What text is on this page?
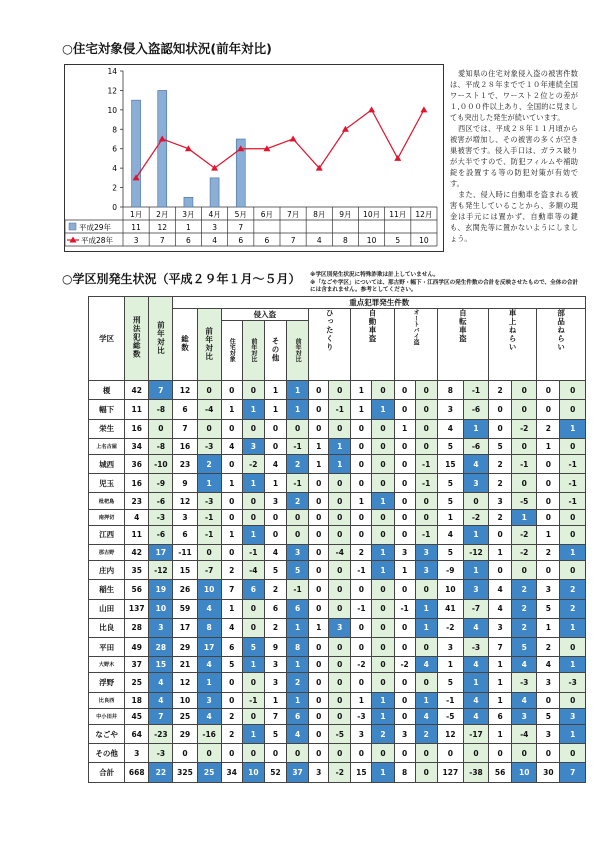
○住宅対象侵入盗認知状況(前年対比)
0
2
4
6
8
10
12
14
1月 2月 3月 4月 5月 6月 7月 8月 9月 10月 11月 12月
平成29年
平成28年
11 12	1	3	7
3	7	6	4	6	6	7	4	8	10	5	10

愛知県の住宅対象侵入盗の被害件数は、平成２８年までで１０年連続全国ワースト１で、ワースト２位との差が１,０００件以上あり、全国的に見ましても突出した発生が続いています。

西区では、平成２８年１１月頃から被害が増加し、その被害の多くが空き巣被害です。侵入手口は、ガラス破りが大半ですので、防犯フィルムや補助錠を設置する等の防犯対策が有効です。

また、侵入時に自動車を盗まれる被害も発生していることから、多額の現金は手元には置かず、自動車等の鍵も、玄関先等に置かないようにしましょう。

○学区別発生状況（平成２９年１月～５月） ※学区別発生状況に特殊詐欺は計上していません。
※「なごや学区」については、那古野・幅下・江西学区の発生件数の合計を反映させたもので、全体の合計には含まれません。参考としてください。
学区	刑法犯総数	前年対比	重点犯罪発生件数																	
			総数	前年対比	侵入盗				ひったくり		自動車盗		オートバイ盗		自転車盗		車上ねらい		部品ねらい	
					住宅対象	前年対比	その他	前年対比												
榎	42	7	12	0	0	0	1	1	0	0	1	0	0	0	8	-1	2	0	0	0
幅下	11	-8	6	-4	1	1	1	1	0	-1	1	1	0	0	3	-6	0	0	0	0
栄生	16	0	7	0	0	0	0	0	0	0	0	0	1	0	4	1	0	-2	2	1
上名古屋	34	-8	16	-3	4	3	0	-1	1	1	0	0	0	0	5	-6	5	0	1	0
城西	36	-10	23	2	0	-2	4	2	1	1	0	0	0	-1	15	4	2	-1	0	-1
児玉	16	-9	9	1	1	1	1	-1	0	0	0	0	0	-1	5	3	2	0	0	-1
枇杷島	23	-6	12	-3	0	0	3	2	0	0	1	1	0	0	5	0	3	-5	0	-1
南押切	4	-3	3	-1	0	0	0	0	0	0	0	0	0	0	1	-2	2	1	0	0
江西	11	-6	6	-1	1	1	0	0	0	0	0	0	0	-1	4	1	0	-2	1	0
那古野	42	17	-11	0	0	-1	4	3	0	-4	2	1	3	3	5	-12	1	-2	2	1
庄内	35	-12	15	-7	2	-4	5	5	0	0	-1	1	1	3	-9	1	0	0	0	0
稲生	56	19	26	10	7	6	2	-1	0	0	0	0	0	0	10	3	4	2	3	2
山田	137	10	59	4	1	0	6	6	0	0	-1	0	-1	1	41	-7	4	2	5	2
比良	28	3	17	8	4	0	2	1	1	3	0	0	0	1	-2	4	3	2	1	1
平田	49	28	29	17	6	5	9	8	0	0	0	0	0	0	3	-3	7	5	2	0
大野木	37	15	21	4	5	1	3	1	0	0	-2	0	-2	4	1	4	1	4	4	1
浮野	25	4	12	1	0	0	3	2	0	0	0	0	0	0	5	1	1	-3	3	-3
比良西	18	4	10	3	0	-1	1	1	0	0	1	1	0	1	-1	4	1	4	0	0
中小田井	45	7	25	4	2	0	7	6	0	0	-3	1	0	4	-5	4	6	3	5	3
なごや	64	-23	29	-16	2	1	5	4	0	-5	3	2	3	2	12	-17	1	-4	3	1
その他	3	-3	0	0	0	0	0	0	0	0	0	0	0	0	0	0	0	0	0	0
合計	668	22	325	25	34	10	52	37	3	-2	15	1	8	0	127	-38	56	10	30	7
